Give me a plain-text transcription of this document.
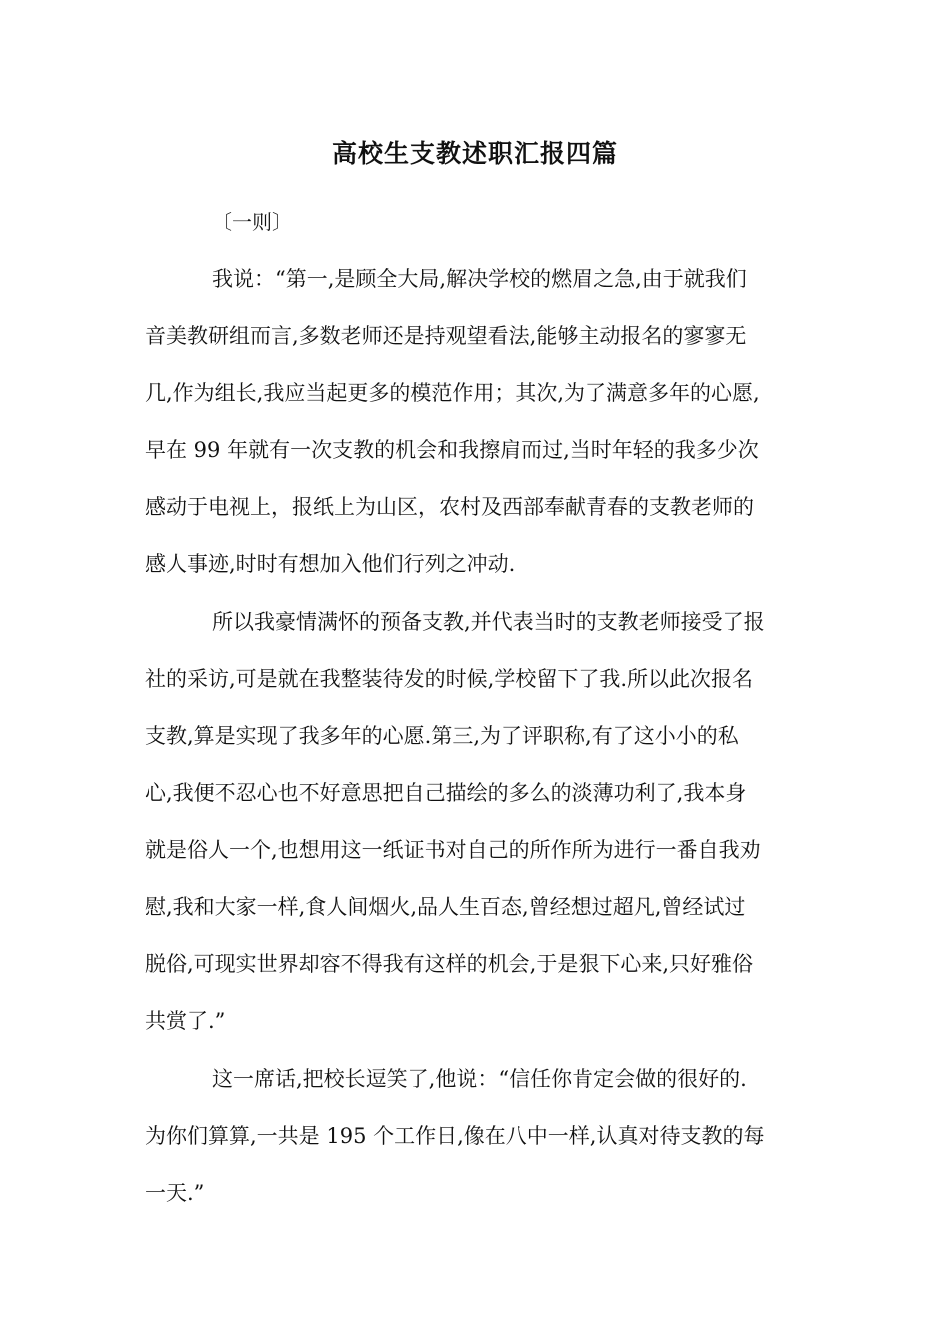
高校生支教述职汇报四篇
〔一则〕
我说：“第一,是顾全大局,解决学校的燃眉之急,由于就我们
音美教研组而言,多数老师还是持观望看法,能够主动报名的寥寥无
几,作为组长,我应当起更多的模范作用；其次,为了满意多年的心愿,
早在 99 年就有一次支教的机会和我擦肩而过,当时年轻的我多少次
感动于电视上，报纸上为山区，农村及西部奉献青春的支教老师的
感人事迹,时时有想加入他们行列之冲动.
所以我豪情满怀的预备支教,并代表当时的支教老师接受了报
社的采访,可是就在我整装待发的时候,学校留下了我.所以此次报名
支教,算是实现了我多年的心愿.第三,为了评职称,有了这小小的私
心,我便不忍心也不好意思把自己描绘的多么的淡薄功利了,我本身
就是俗人一个,也想用这一纸证书对自己的所作所为进行一番自我劝
慰,我和大家一样,食人间烟火,品人生百态,曾经想过超凡,曾经试过
脱俗,可现实世界却容不得我有这样的机会,于是狠下心来,只好雅俗
共赏了.”
这一席话,把校长逗笑了,他说：“信任你肯定会做的很好的.
为你们算算,一共是 195 个工作日,像在八中一样,认真对待支教的每
一天.”
